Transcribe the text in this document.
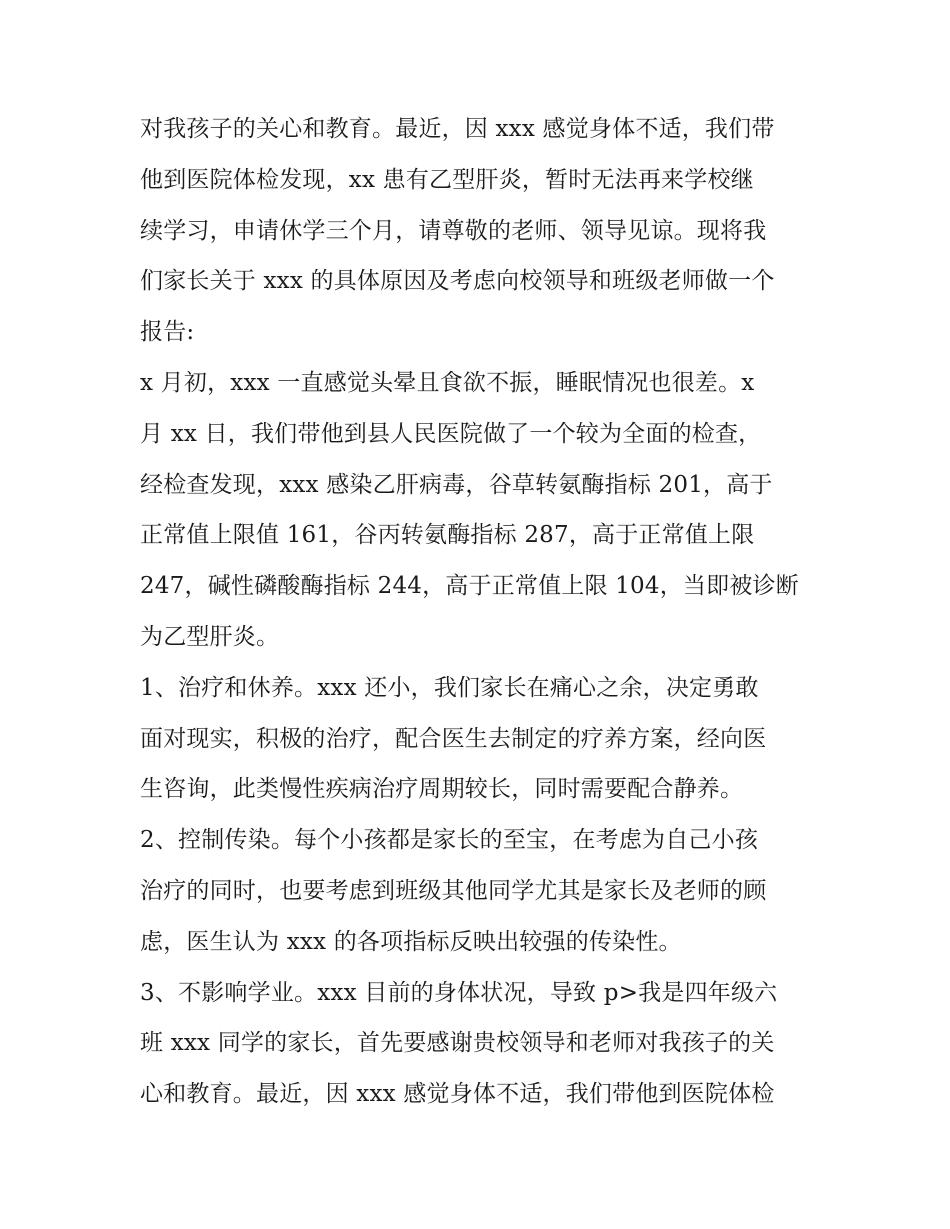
对我孩子的关心和教育。最近，因 xxx 感觉身体不适，我们带
他到医院体检发现，xx 患有乙型肝炎，暂时无法再来学校继
续学习，申请休学三个月，请尊敬的老师、领导见谅。现将我
们家长关于 xxx 的具体原因及考虑向校领导和班级老师做一个
报告:
x 月初，xxx 一直感觉头晕且食欲不振，睡眠情况也很差。x
月 xx 日，我们带他到县人民医院做了一个较为全面的检查，
经检查发现，xxx 感染乙肝病毒，谷草转氨酶指标 201，高于
正常值上限值 161，谷丙转氨酶指标 287，高于正常值上限
247，碱性磷酸酶指标 244，高于正常值上限 104，当即被诊断
为乙型肝炎。
1、治疗和休养。xxx 还小，我们家长在痛心之余，决定勇敢
面对现实，积极的治疗，配合医生去制定的疗养方案，经向医
生咨询，此类慢性疾病治疗周期较长，同时需要配合静养。
2、控制传染。每个小孩都是家长的至宝，在考虑为自己小孩
治疗的同时，也要考虑到班级其他同学尤其是家长及老师的顾
虑，医生认为 xxx 的各项指标反映出较强的传染性。
3、不影响学业。xxx 目前的身体状况，导致 p>我是四年级六
班 xxx 同学的家长，首先要感谢贵校领导和老师对我孩子的关
心和教育。最近，因 xxx 感觉身体不适，我们带他到医院体检
